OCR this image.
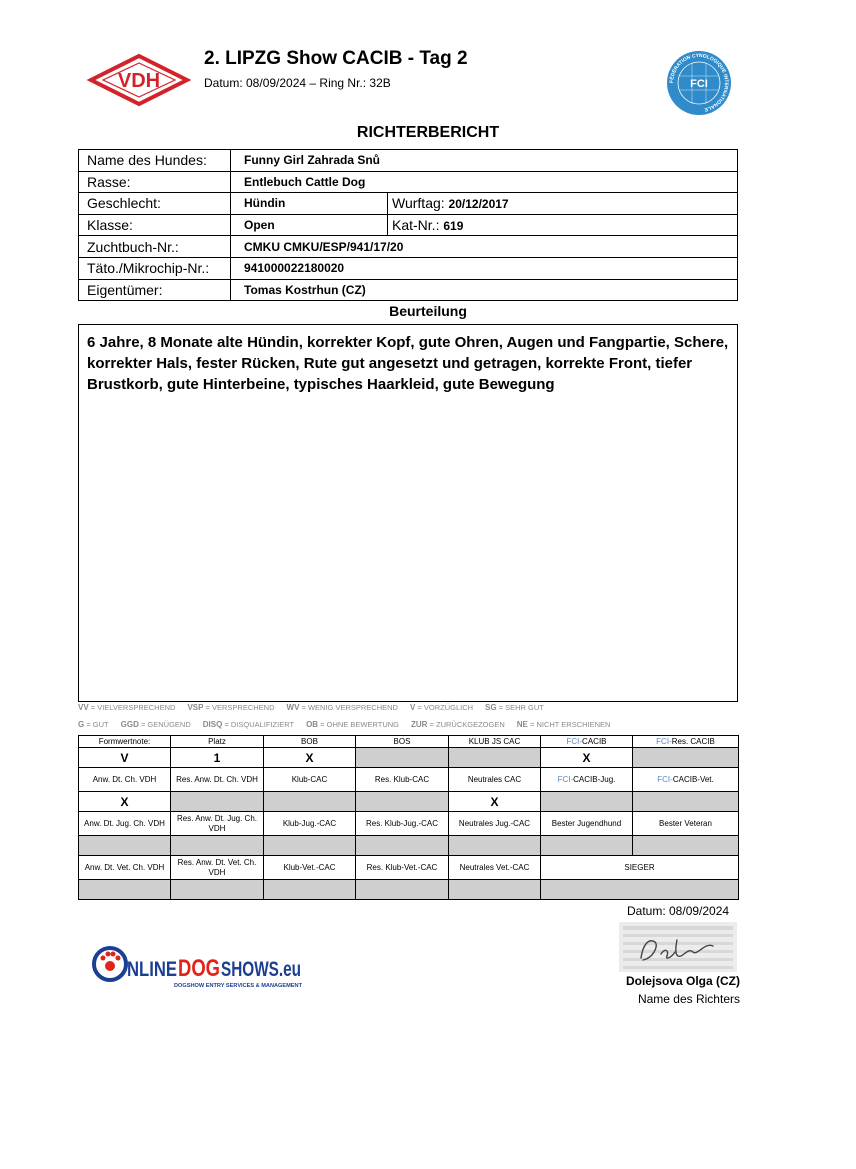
VDH
2. LIPZG Show CACIB - Tag 2
Datum: 08/09/2024 – Ring Nr.: 32B	FÉDÉRATION CYNOLOGIQUE INTERNATIONALE
FCI
RICHTERBERICHT
Name des Hundes:	Funny Girl Zahrada Snů	
Rasse:	Entlebuch Cattle Dog	
Geschlecht:	Hündin	Wurftag: 20/12/2017
Klasse:	Open	Kat-Nr.: 619
Zuchtbuch-Nr.:	CMKU CMKU/ESP/941/17/20	
Täto./Mikrochip-Nr.:	941000022180020	
Eigentümer:	Tomas Kostrhun (CZ)	
Beurteilung
6 Jahre, 8 Monate alte Hündin, korrekter Kopf, gute Ohren, Augen und Fangpartie, Schere, korrekter Hals, fester Rücken, Rute gut angesetzt und getragen, korrekte Front, tiefer Brustkorb, gute Hinterbeine, typisches Haarkleid, gute Bewegung
VV = VIELVERSPRECHEND VSP = VERSPRECHEND WV = WENIG VERSPRECHEND V = VORZÜGLICH SG = SEHR GUT
G = GUT GGD = GENÜGEND DISQ = DISQUALIFIZIERT OB = OHNE BEWERTUNG ZUR = ZURÜCKGEZOGEN NE = NICHT ERSCHIENEN
Formwertnote:	Platz	BOB	BOS	KLUB JS CAC	FCI-CACIB	FCI-Res. CACIB
V	1	X			X	
Anw. Dt. Ch. VDH	Res. Anw. Dt. Ch. VDH	Klub-CAC	Res. Klub-CAC	Neutrales CAC	FCI-CACIB-Jug.	FCI-CACIB-Vet.
X				X		
Anw. Dt. Jug. Ch. VDH	Res. Anw. Dt. Jug. Ch. VDH	Klub-Jug.-CAC	Res. Klub-Jug.-CAC	Neutrales Jug.-CAC	Bester Jugendhund	Bester Veteran

Anw. Dt. Vet. Ch. VDH	Res. Anw. Dt. Vet. Ch. VDH	Klub-Vet.-CAC	Res. Klub-Vet.-CAC	Neutrales Vet.-CAC	SIEGER	

Datum: 08/09/2024
Dolejsova Olga (CZ)
Name des Richters
NLINE DOG SHOWS.eu
DOGSHOW ENTRY SERVICES & MANAGEMENT
